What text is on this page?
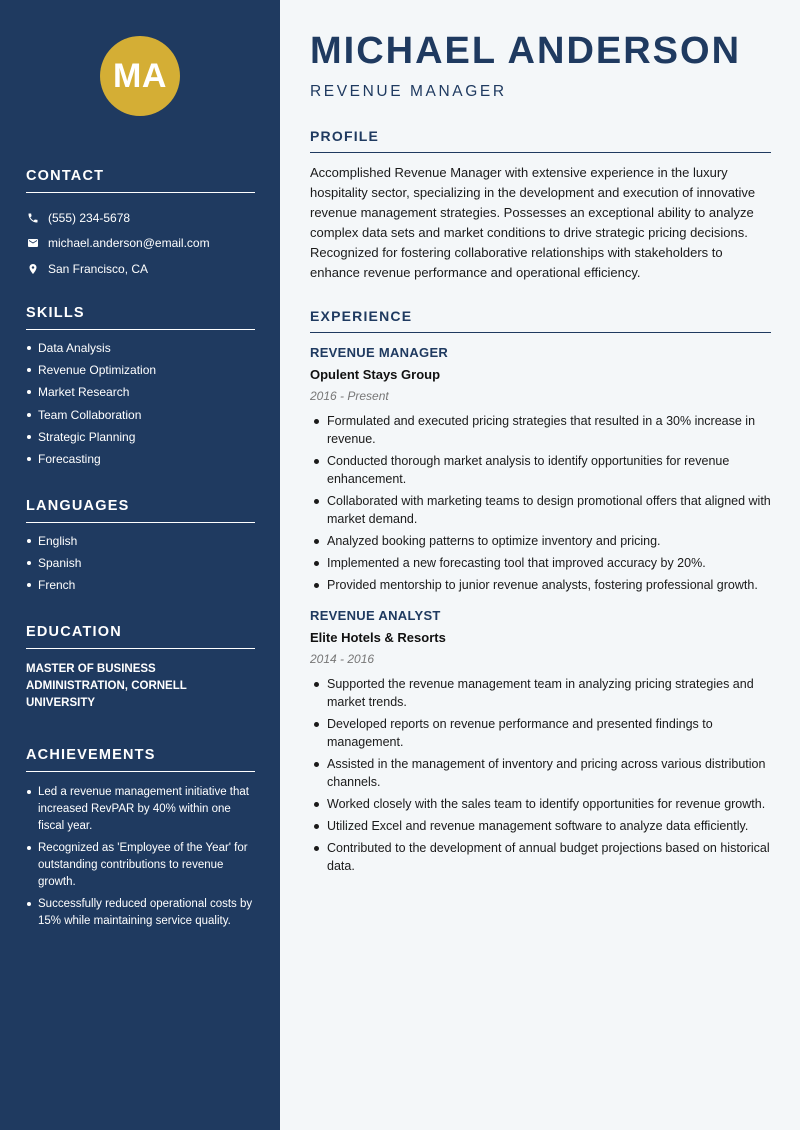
MA
CONTACT
(555) 234-5678
michael.anderson@email.com
San Francisco, CA
SKILLS
Data Analysis
Revenue Optimization
Market Research
Team Collaboration
Strategic Planning
Forecasting
LANGUAGES
English
Spanish
French
EDUCATION
MASTER OF BUSINESS ADMINISTRATION, CORNELL UNIVERSITY
ACHIEVEMENTS
Led a revenue management initiative that increased RevPAR by 40% within one fiscal year.
Recognized as 'Employee of the Year' for outstanding contributions to revenue growth.
Successfully reduced operational costs by 15% while maintaining service quality.
MICHAEL ANDERSON
REVENUE MANAGER
PROFILE

Accomplished Revenue Manager with extensive experience in the luxury hospitality sector, specializing in the development and execution of innovative revenue management strategies. Possesses an exceptional ability to analyze complex data sets and market conditions to drive strategic pricing decisions. Recognized for fostering collaborative relationships with stakeholders to enhance revenue performance and operational efficiency.

EXPERIENCE
REVENUE MANAGER
Opulent Stays Group
2016 - Present
Formulated and executed pricing strategies that resulted in a 30% increase in revenue.
Conducted thorough market analysis to identify opportunities for revenue enhancement.
Collaborated with marketing teams to design promotional offers that aligned with market demand.
Analyzed booking patterns to optimize inventory and pricing.
Implemented a new forecasting tool that improved accuracy by 20%.
Provided mentorship to junior revenue analysts, fostering professional growth.
REVENUE ANALYST
Elite Hotels & Resorts
2014 - 2016
Supported the revenue management team in analyzing pricing strategies and market trends.
Developed reports on revenue performance and presented findings to management.
Assisted in the management of inventory and pricing across various distribution channels.
Worked closely with the sales team to identify opportunities for revenue growth.
Utilized Excel and revenue management software to analyze data efficiently.
Contributed to the development of annual budget projections based on historical data.
